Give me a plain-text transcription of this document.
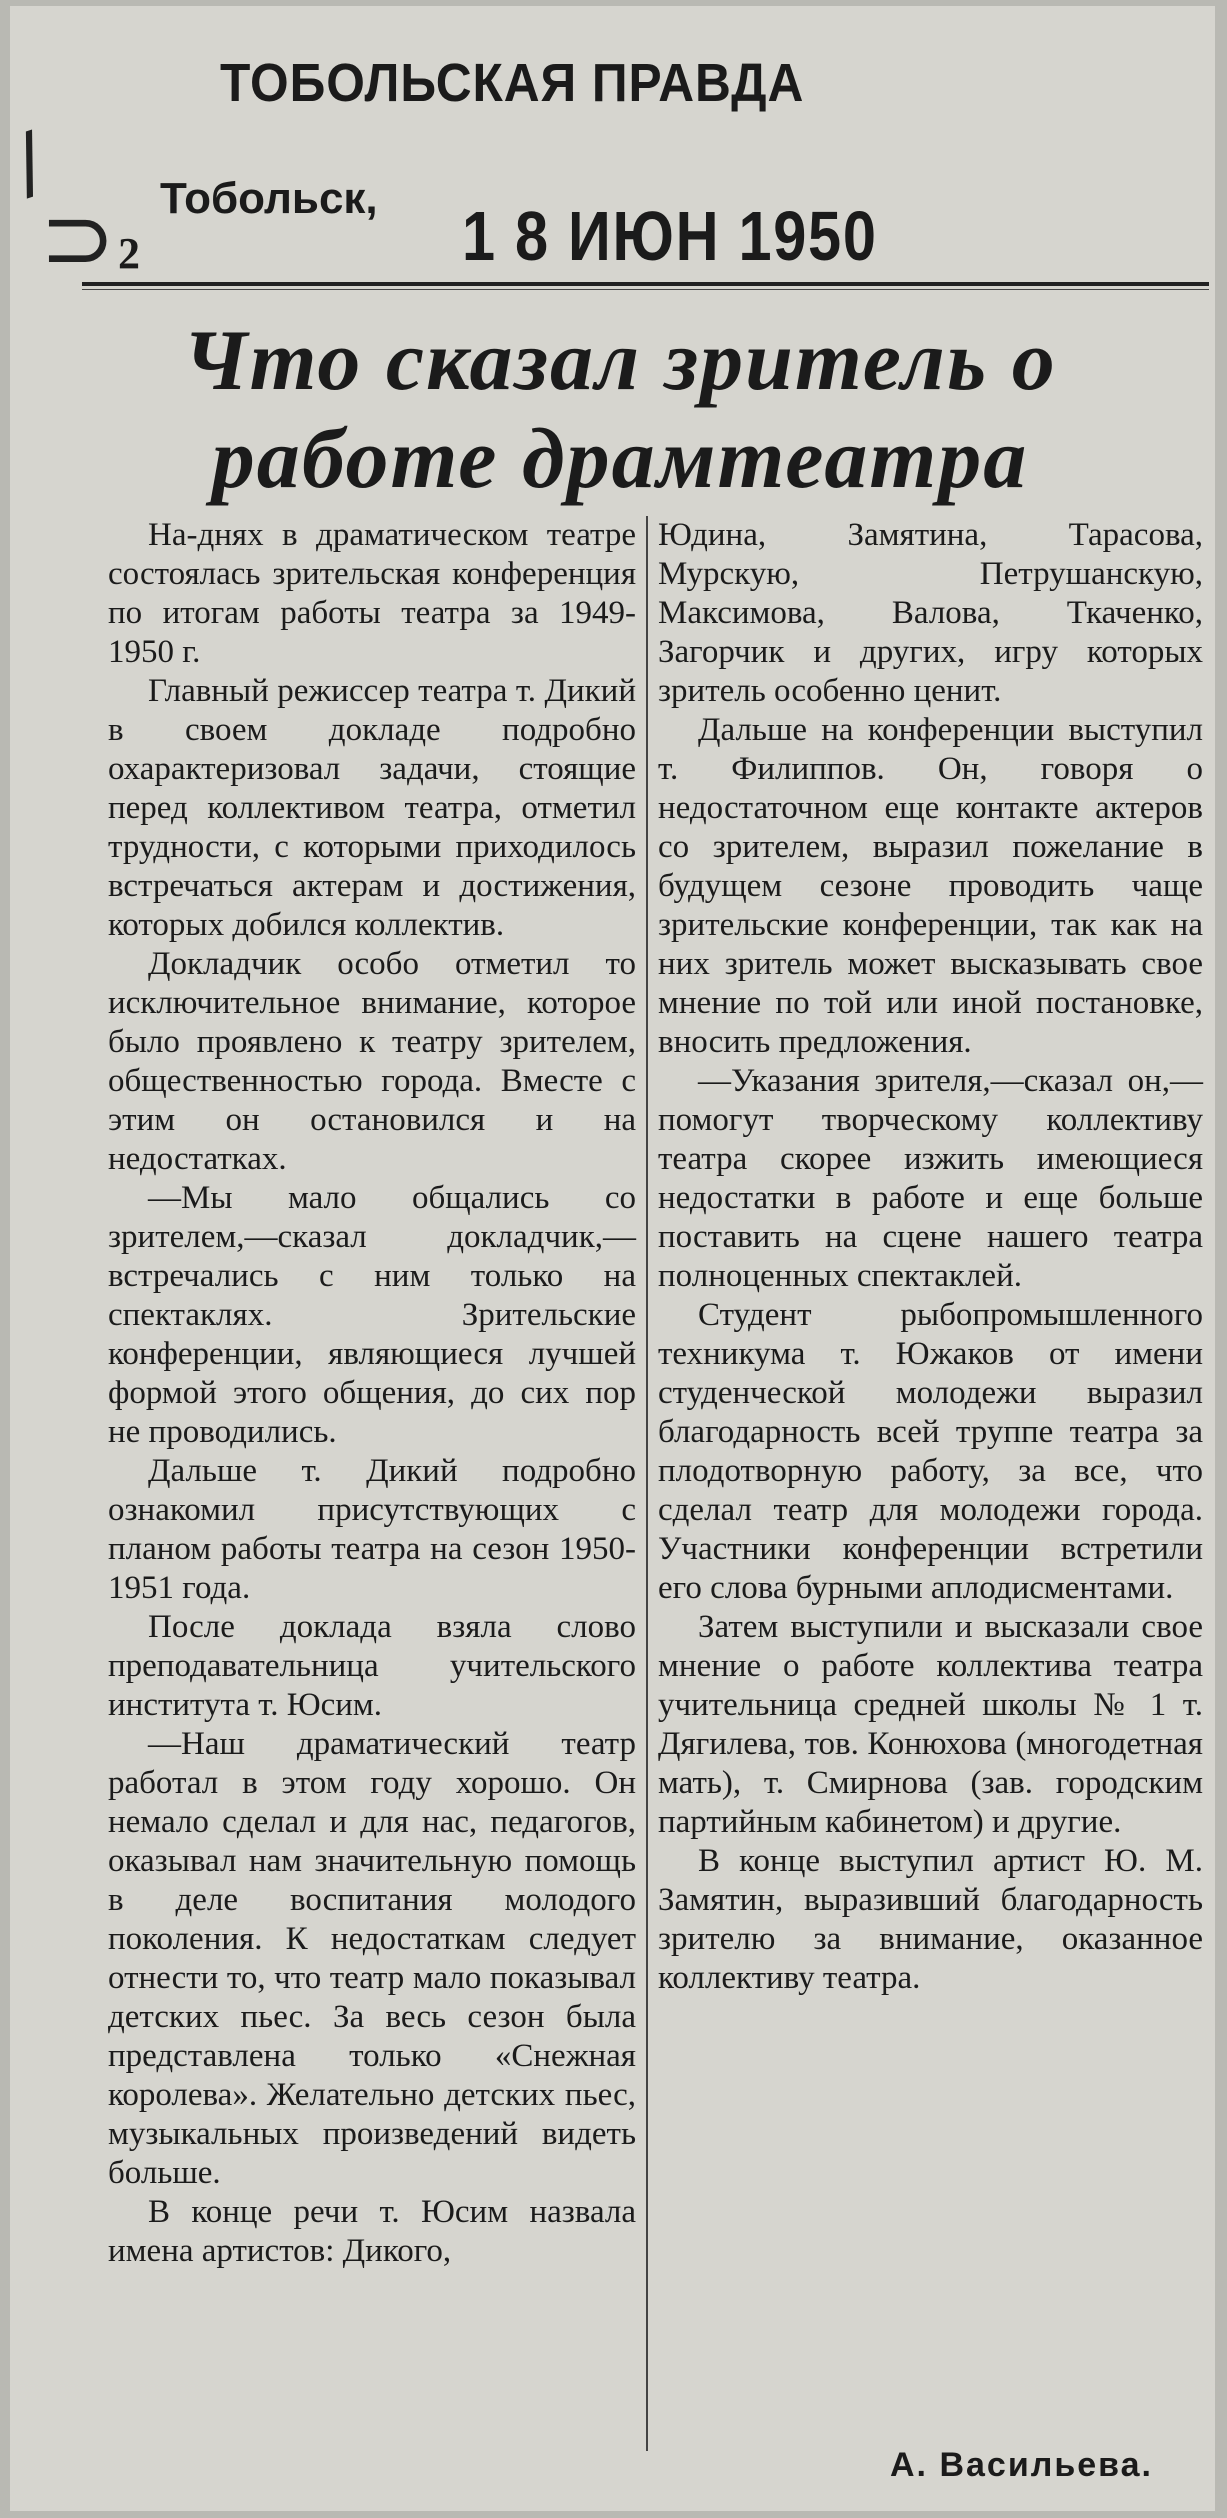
/
⊃
ТОБОЛЬСКАЯ ПРАВДА
Тобольск,
2	1 8 ИЮН 1950
Что сказал зритель о работе драмтеатра

На-днях в драматическом театре состоялась зрительская конференция по итогам работы театра за 1949-1950 г.

Главный режиссер театра т. Дикий в своем докладе подробно охарактеризовал задачи, стоящие перед коллективом театра, отметил трудности, с которыми приходилось встречаться актерам и достижения, которых добился коллектив.

Докладчик особо отметил то исключительное внимание, которое было проявлено к театру зрителем, общественностью города. Вместе с этим он остановился и на недостатках.

—Мы мало общались со зрителем,—сказал докладчик,—встречались с ним только на спектаклях. Зрительские конференции, являющиеся лучшей формой этого общения, до сих пор не проводились.

Дальше т. Дикий подробно ознакомил присутствующих с планом работы театра на сезон 1950-1951 года.

После доклада взяла слово преподавательница учительского института т. Юсим.

—Наш драматический театр работал в этом году хорошо. Он немало сделал и для нас, педагогов, оказывал нам значительную помощь в деле воспитания молодого поколения. К недостаткам следует отнести то, что театр мало показывал детских пьес. За весь сезон была представлена только «Снежная королева». Желательно детских пьес, музыкальных произведений видеть больше.

В конце речи т. Юсим назвала имена артистов: Дикого,

Юдина, Замятина, Тарасова, Мурскую, Петрушанскую, Максимова, Валова, Ткаченко, Загорчик и других, игру которых зритель особенно ценит.

Дальше на конференции выступил т. Филиппов. Он, говоря о недостаточном еще контакте актеров со зрителем, выразил пожелание в будущем сезоне проводить чаще зрительские конференции, так как на них зритель может высказывать свое мнение по той или иной постановке, вносить предложения.

—Указания зрителя,—сказал он,—помогут творческому коллективу театра скорее изжить имеющиеся недостатки в работе и еще больше поставить на сцене нашего театра полноценных спектаклей.

Студент рыбопромышленного техникума т. Южаков от имени студенческой молодежи выразил благодарность всей труппе театра за плодотворную работу, за все, что сделал театр для молодежи города. Участники конференции встретили его слова бурными аплодисментами.

Затем выступили и высказали свое мнение о работе коллектива театра учительница средней школы № 1 т. Дягилева, тов. Конюхова (многодетная мать), т. Смирнова (зав. городским партийным кабинетом) и другие.

В конце выступил артист Ю. М. Замятин, выразивший благодарность зрителю за внимание, оказанное коллективу театра.

А. Васильева.
